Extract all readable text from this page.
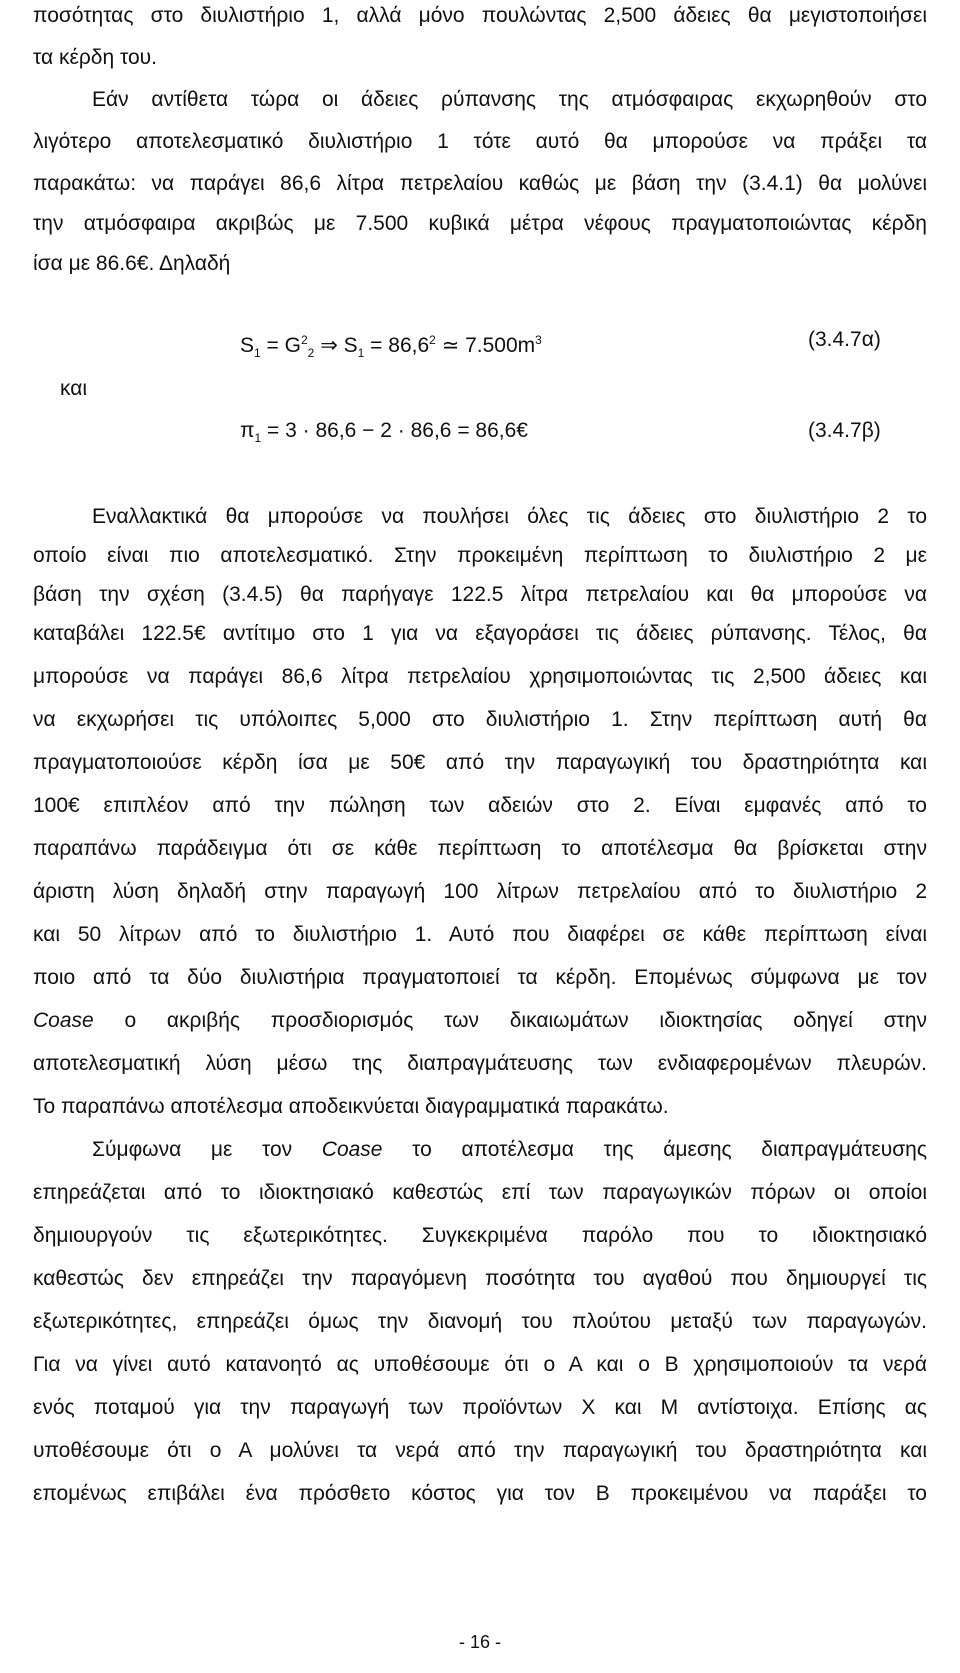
ποσότητας στο διυλιστήριο 1, αλλά μόνο πουλώντας 2,500 άδειες θα μεγιστοποιήσει
τα κέρδη του.
Εάν αντίθετα τώρα οι άδειες ρύπανσης της ατμόσφαιρας εκχωρηθούν στο
λιγότερο αποτελεσματικό διυλιστήριο 1 τότε αυτό θα μπορούσε να πράξει τα
παρακάτω: να παράγει 86,6 λίτρα πετρελαίου καθώς με βάση την (3.4.1) θα μολύνει
την ατμόσφαιρα ακριβώς με 7.500 κυβικά μέτρα νέφους πραγματοποιώντας κέρδη
ίσα με 86.6€. Δηλαδή
$S_1 = G^2_2$ ⇒ $S_1 = 86,6^2$ ≃ $7.500m^3$	(3.4.7α)
και
$\pi_1 = 3 \cdot 86,6 - 2 \cdot 86,6$ = 86,6€	(3.4.7β)
Εναλλακτικά θα μπορούσε να πουλήσει όλες τις άδειες στο διυλιστήριο 2 το
οποίο είναι πιο αποτελεσματικό. Στην προκειμένη περίπτωση το διυλιστήριο 2 με
βάση την σχέση (3.4.5) θα παρήγαγε 122.5 λίτρα πετρελαίου και θα μπορούσε να
καταβάλει 122.5€ αντίτιμο στο 1 για να εξαγοράσει τις άδειες ρύπανσης. Τέλος, θα
μπορούσε να παράγει 86,6 λίτρα πετρελαίου χρησιμοποιώντας τις 2,500 άδειες και
να εκχωρήσει τις υπόλοιπες 5,000 στο διυλιστήριο 1. Στην περίπτωση αυτή θα
πραγματοποιούσε κέρδη ίσα με 50€ από την παραγωγική του δραστηριότητα και
100€ επιπλέον από την πώληση των αδειών στο 2. Είναι εμφανές από το
παραπάνω παράδειγμα ότι σε κάθε περίπτωση το αποτέλεσμα θα βρίσκεται στην
άριστη λύση δηλαδή στην παραγωγή 100 λίτρων πετρελαίου από το διυλιστήριο 2
και 50 λίτρων από το διυλιστήριο 1. Αυτό που διαφέρει σε κάθε περίπτωση είναι
ποιο από τα δύο διυλιστήρια πραγματοποιεί τα κέρδη. Επομένως σύμφωνα με τον
Coase ο ακριβής προσδιορισμός των δικαιωμάτων ιδιοκτησίας οδηγεί στην
αποτελεσματική λύση μέσω της διαπραγμάτευσης των ενδιαφερομένων πλευρών.
Το παραπάνω αποτέλεσμα αποδεικνύεται διαγραμματικά παρακάτω.
Σύμφωνα με τον Coase το αποτέλεσμα της άμεσης διαπραγμάτευσης
επηρεάζεται από το ιδιοκτησιακό καθεστώς επί των παραγωγικών πόρων οι οποίοι
δημιουργούν τις εξωτερικότητες. Συγκεκριμένα παρόλο που το ιδιοκτησιακό
καθεστώς δεν επηρεάζει την παραγόμενη ποσότητα του αγαθού που δημιουργεί τις
εξωτερικότητες, επηρεάζει όμως την διανομή του πλούτου μεταξύ των παραγωγών.
Για να γίνει αυτό κατανοητό ας υποθέσουμε ότι ο Α και ο Β χρησιμοποιούν τα νερά
ενός ποταμού για την παραγωγή των προϊόντων Χ και Μ αντίστοιχα. Επίσης ας
υποθέσουμε ότι ο Α μολύνει τα νερά από την παραγωγική του δραστηριότητα και
επομένως επιβάλει ένα πρόσθετο κόστος για τον Β προκειμένου να παράξει το
- 16 -
